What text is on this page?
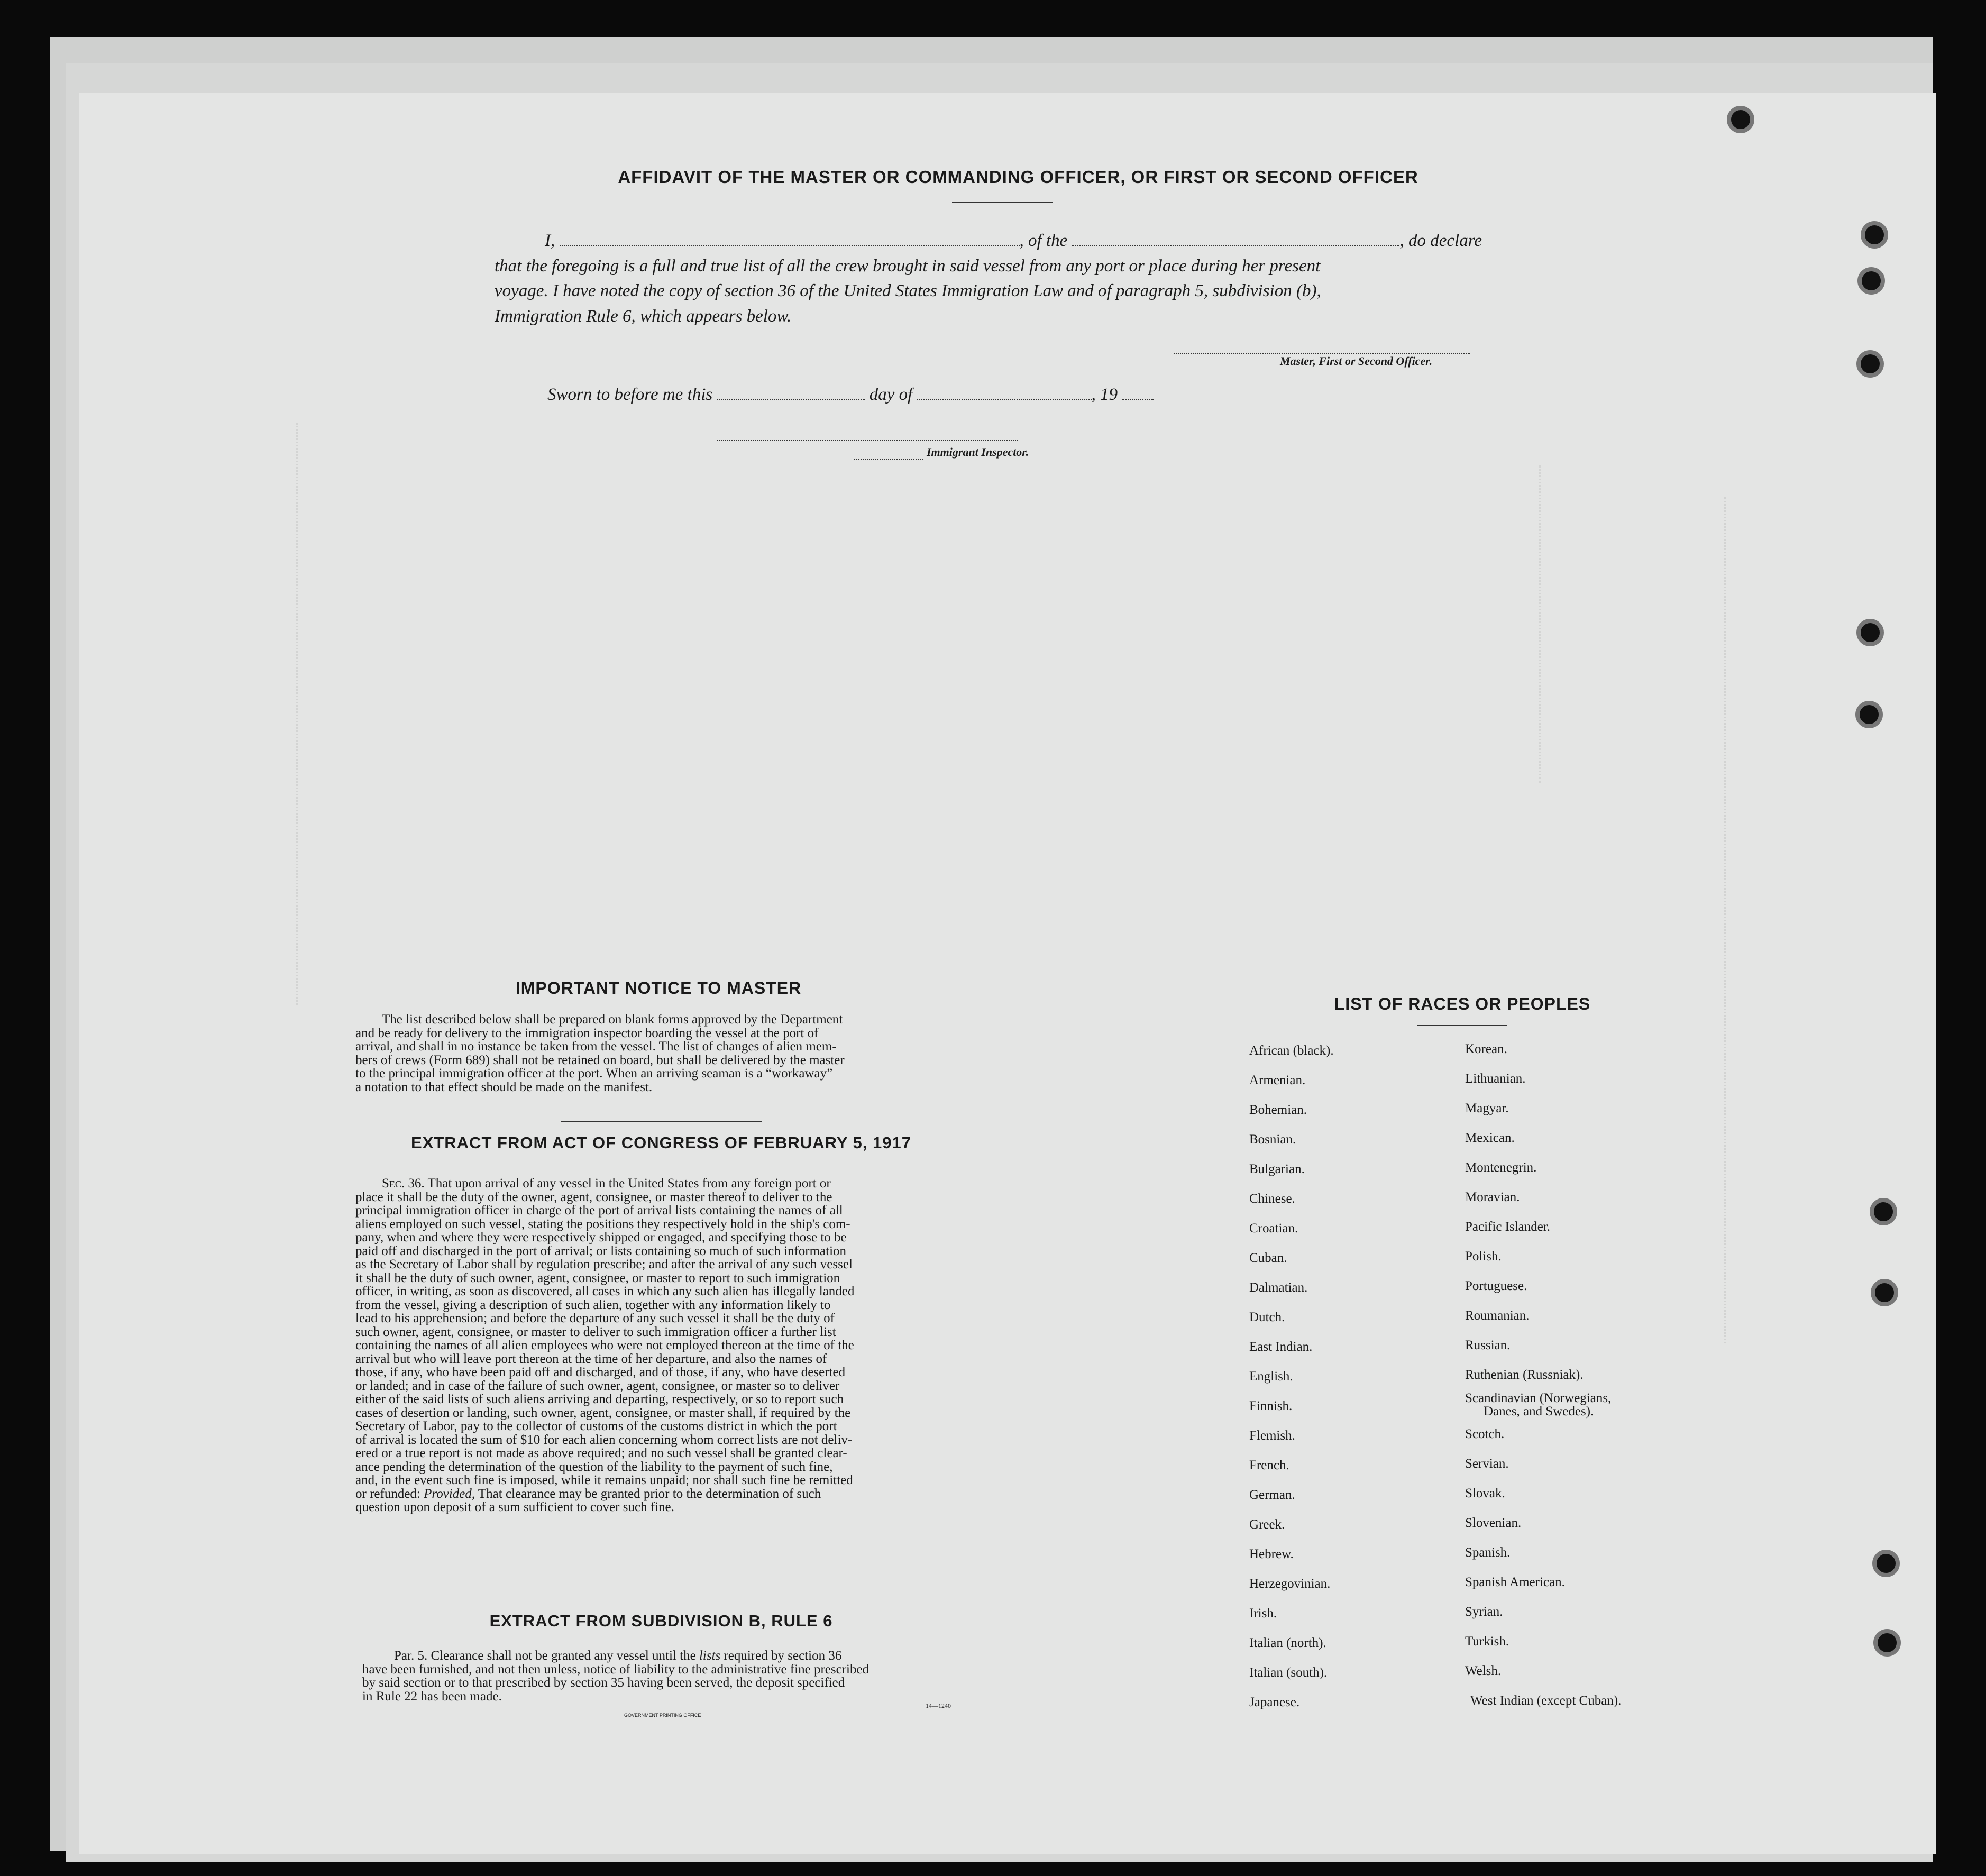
AFFIDAVIT OF THE MASTER OR COMMANDING OFFICER, OR FIRST OR SECOND OFFICER
I,	, of the	, do declare
that the foregoing is a full and true list of all the crew brought in said vessel from any port or place during her present
voyage. I have noted the copy of section 36 of the United States Immigration Law and of paragraph 5, subdivision (b),
Immigration Rule 6, which appears below.
Master, First or Second Officer.
Sworn to before me this	day of	, 19
Immigrant Inspector.
IMPORTANT NOTICE TO MASTER
The list described below shall be prepared on blank forms approved by the Department
and be ready for delivery to the immigration inspector boarding the vessel at the port of
arrival, and shall in no instance be taken from the vessel. The list of changes of alien mem-
bers of crews (Form 689) shall not be retained on board, but shall be delivered by the master
to the principal immigration officer at the port. When an arriving seaman is a “workaway”
a notation to that effect should be made on the manifest.
EXTRACT FROM ACT OF CONGRESS OF FEBRUARY 5, 1917
Sec. 36. That upon arrival of any vessel in the United States from any foreign port or
place it shall be the duty of the owner, agent, consignee, or master thereof to deliver to the
principal immigration officer in charge of the port of arrival lists containing the names of all
aliens employed on such vessel, stating the positions they respectively hold in the ship's com-
pany, when and where they were respectively shipped or engaged, and specifying those to be
paid off and discharged in the port of arrival; or lists containing so much of such information
as the Secretary of Labor shall by regulation prescribe; and after the arrival of any such vessel
it shall be the duty of such owner, agent, consignee, or master to report to such immigration
officer, in writing, as soon as discovered, all cases in which any such alien has illegally landed
from the vessel, giving a description of such alien, together with any information likely to
lead to his apprehension; and before the departure of any such vessel it shall be the duty of
such owner, agent, consignee, or master to deliver to such immigration officer a further list
containing the names of all alien employees who were not employed thereon at the time of the
arrival but who will leave port thereon at the time of her departure, and also the names of
those, if any, who have been paid off and discharged, and of those, if any, who have deserted
or landed; and in case of the failure of such owner, agent, consignee, or master so to deliver
either of the said lists of such aliens arriving and departing, respectively, or so to report such
cases of desertion or landing, such owner, agent, consignee, or master shall, if required by the
Secretary of Labor, pay to the collector of customs of the customs district in which the port
of arrival is located the sum of $10 for each alien concerning whom correct lists are not deliv-
ered or a true report is not made as above required; and no such vessel shall be granted clear-
ance pending the determination of the question of the liability to the payment of such fine,
and, in the event such fine is imposed, while it remains unpaid; nor shall such fine be remitted
or refunded: Provided, That clearance may be granted prior to the determination of such
question upon deposit of a sum sufficient to cover such fine.
EXTRACT FROM SUBDIVISION B, RULE 6
Par. 5. Clearance shall not be granted any vessel until the lists required by section 36
have been furnished, and not then unless, notice of liability to the administrative fine prescribed
by said section or to that prescribed by section 35 having been served, the deposit specified
in Rule 22 has been made.
GOVERNMENT PRINTING OFFICE
14—1240
LIST OF RACES OR PEOPLES
African (black).
Armenian.
Bohemian.
Bosnian.
Bulgarian.
Chinese.
Croatian.
Cuban.
Dalmatian.
Dutch.
East Indian.
English.
Finnish.
Flemish.
French.
German.
Greek.
Hebrew.
Herzegovinian.
Irish.
Italian (north).
Italian (south).
Japanese.
Korean.
Lithuanian.
Magyar.
Mexican.
Montenegrin.
Moravian.
Pacific Islander.
Polish.
Portuguese.
Roumanian.
Russian.
Ruthenian (Russniak).
Scandinavian (Norwegians,
Danes, and Swedes).
Scotch.
Servian.
Slovak.
Slovenian.
Spanish.
Spanish American.
Syrian.
Turkish.
Welsh.
West Indian (except Cuban).
